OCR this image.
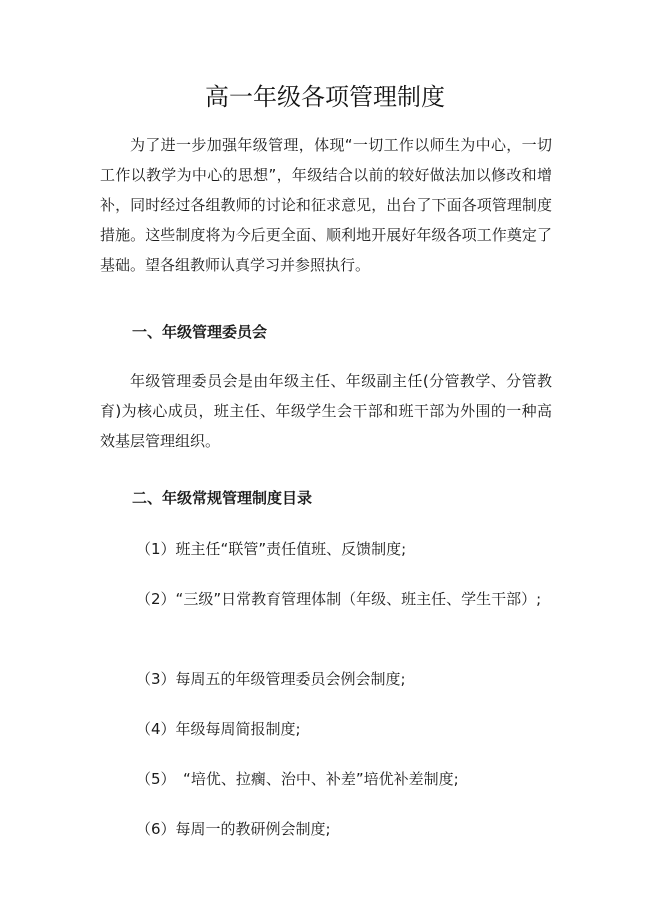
高一年级各项管理制度

为了进一步加强年级管理，体现“一切工作以师生为中心，一切工作以教学为中心的思想”，年级结合以前的较好做法加以修改和增补，同时经过各组教师的讨论和征求意见，出台了下面各项管理制度措施。这些制度将为今后更全面、顺利地开展好年级各项工作奠定了基础。望各组教师认真学习并参照执行。

一、年级管理委员会

年级管理委员会是由年级主任、年级副主任(分管教学、分管教育)为核心成员，班主任、年级学生会干部和班干部为外围的一种高效基层管理组织。

二、年级常规管理制度目录

（1）班主任“联管”责任值班、反馈制度;

（2）“三级”日常教育管理体制（年级、班主任、学生干部）;

（3）每周五的年级管理委员会例会制度;

（4）年级每周简报制度;

（5）　“培优、拉瘸、治中、补差”培优补差制度;

（6）每周一的教研例会制度;
